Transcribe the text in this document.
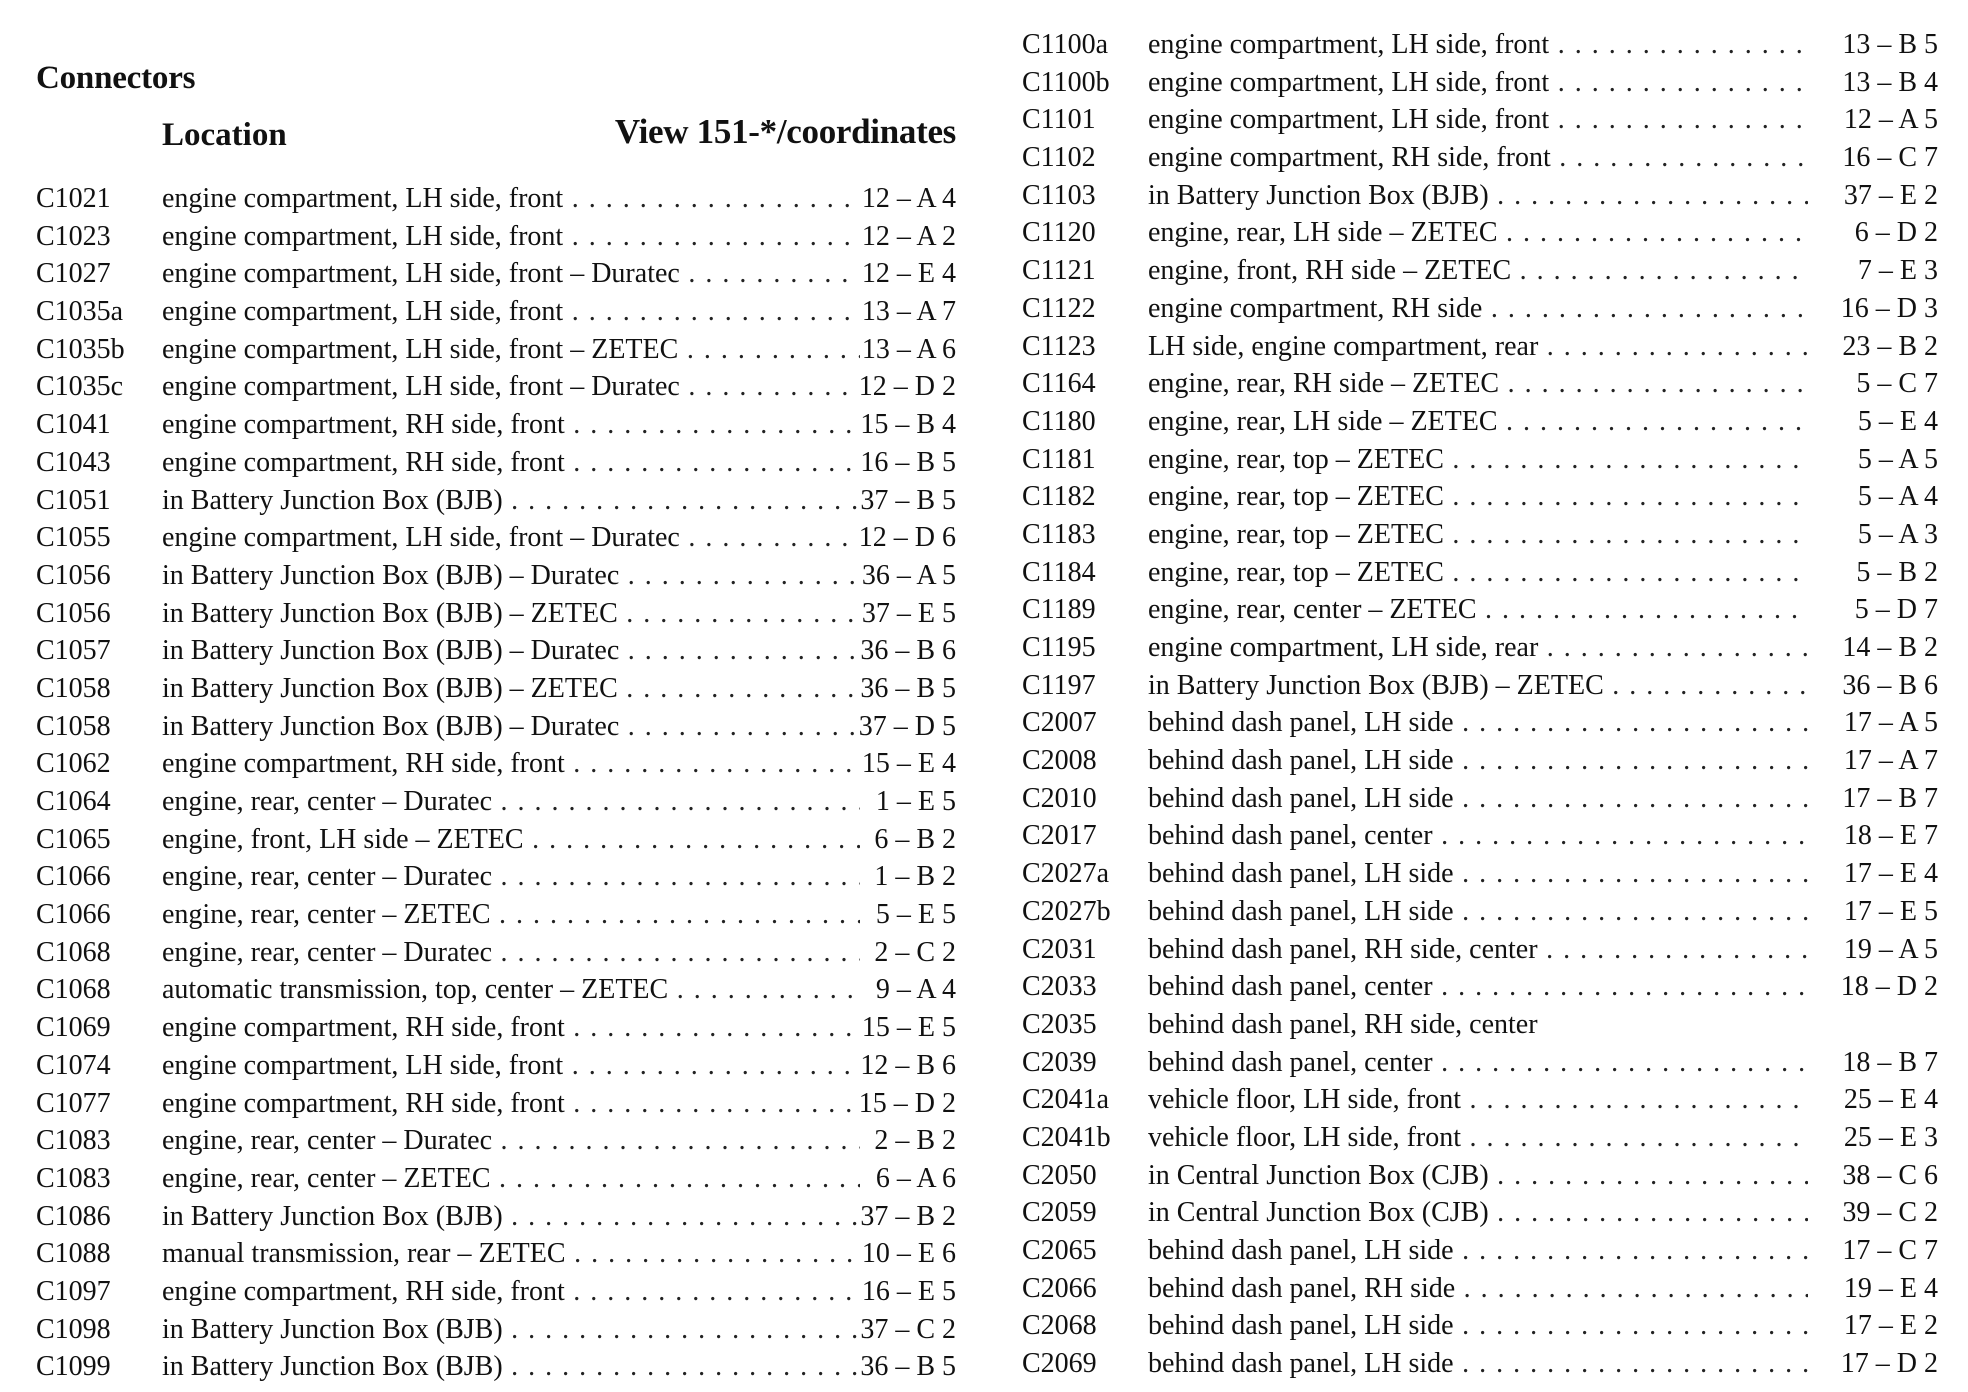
Connectors
Location	View 151-*/coordinates
C1021 engine compartment, LH side, front . . .	12 – A 4
C1023 engine compartment, LH side, front . . .	12 – A 2
C1027 engine compartment, LH side, front – Duratec . . .	12 – E 4
C1035a engine compartment, LH side, front . . .	13 – A 7
C1035b engine compartment, LH side, front – ZETEC . . .	13 – A 6
C1035c engine compartment, LH side, front – Duratec . . .	12 – D 2
C1041 engine compartment, RH side, front . . .	15 – B 4
C1043 engine compartment, RH side, front . . .	16 – B 5
C1051 in Battery Junction Box (BJB) . . .	37 – B 5
C1055 engine compartment, LH side, front – Duratec . . .	12 – D 6
C1056 in Battery Junction Box (BJB) – Duratec . . .	36 – A 5
C1056 in Battery Junction Box (BJB) – ZETEC . . .	37 – E 5
C1057 in Battery Junction Box (BJB) – Duratec . . .	36 – B 6
C1058 in Battery Junction Box (BJB) – ZETEC . . .	36 – B 5
C1058 in Battery Junction Box (BJB) – Duratec . . .	37 – D 5
C1062 engine compartment, RH side, front . . .	15 – E 4
C1064 engine, rear, center – Duratec . . .	1 – E 5
C1065 engine, front, LH side – ZETEC . . .	6 – B 2
C1066 engine, rear, center – Duratec . . .	1 – B 2
C1066 engine, rear, center – ZETEC . . .	5 – E 5
C1068 engine, rear, center – Duratec . . .	2 – C 2
C1068 automatic transmission, top, center – ZETEC . . .	9 – A 4
C1069 engine compartment, RH side, front . . .	15 – E 5
C1074 engine compartment, LH side, front . . .	12 – B 6
C1077 engine compartment, RH side, front . . .	15 – D 2
C1083 engine, rear, center – Duratec . . .	2 – B 2
C1083 engine, rear, center – ZETEC . . .	6 – A 6
C1086 in Battery Junction Box (BJB) . . .	37 – B 2
C1088 manual transmission, rear – ZETEC . . .	10 – E 6
C1097 engine compartment, RH side, front . . .	16 – E 5
C1098 in Battery Junction Box (BJB) . . .	37 – C 2
C1099 in Battery Junction Box (BJB) . . .	36 – B 5
C1100a engine compartment, LH side, front . . .	13 – B 5
C1100b engine compartment, LH side, front . . .	13 – B 4
C1101 engine compartment, LH side, front . . .	12 – A 5
C1102 engine compartment, RH side, front . . .	16 – C 7
C1103 in Battery Junction Box (BJB) . . .	37 – E 2
C1120 engine, rear, LH side – ZETEC . . .	6 – D 2
C1121 engine, front, RH side – ZETEC . . .	7 – E 3
C1122 engine compartment, RH side . . .	16 – D 3
C1123 LH side, engine compartment, rear . . .	23 – B 2
C1164 engine, rear, RH side – ZETEC . . .	5 – C 7
C1180 engine, rear, LH side – ZETEC . . .	5 – E 4
C1181 engine, rear, top – ZETEC . . .	5 – A 5
C1182 engine, rear, top – ZETEC . . .	5 – A 4
C1183 engine, rear, top – ZETEC . . .	5 – A 3
C1184 engine, rear, top – ZETEC . . .	5 – B 2
C1189 engine, rear, center – ZETEC . . .	5 – D 7
C1195 engine compartment, LH side, rear . . .	14 – B 2
C1197 in Battery Junction Box (BJB) – ZETEC . . .	36 – B 6
C2007 behind dash panel, LH side . . .	17 – A 5
C2008 behind dash panel, LH side . . .	17 – A 7
C2010 behind dash panel, LH side . . .	17 – B 7
C2017 behind dash panel, center . . .	18 – E 7
C2027a behind dash panel, LH side . . .	17 – E 4
C2027b behind dash panel, LH side . . .	17 – E 5
C2031 behind dash panel, RH side, center . . .	19 – A 5
C2033 behind dash panel, center . . .	18 – D 2
C2035 behind dash panel, RH side, center
C2039 behind dash panel, center . . .	18 – B 7
C2041a vehicle floor, LH side, front . . .	25 – E 4
C2041b vehicle floor, LH side, front . . .	25 – E 3
C2050 in Central Junction Box (CJB) . . .	38 – C 6
C2059 in Central Junction Box (CJB) . . .	39 – C 2
C2065 behind dash panel, LH side . . .	17 – C 7
C2066 behind dash panel, RH side . . .	19 – E 4
C2068 behind dash panel, LH side . . .	17 – E 2
C2069 behind dash panel, LH side . . .	17 – D 2
